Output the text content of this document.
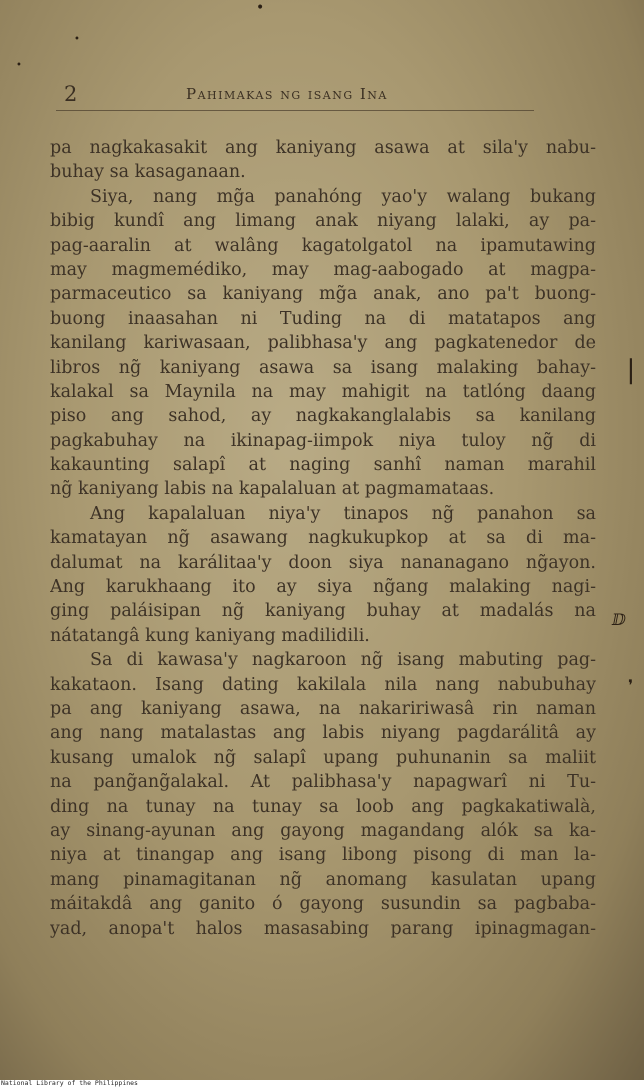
•
•
•
2	Pahimakas ng isang Ina
pa nagkakasakit ang kaniyang asawa at sila'y nabu-
buhay sa kasaganaan.
Siya, nang mg̃a panahóng yao'y walang bukang
bibig kundî ang limang anak niyang lalaki, ay pa-
pag-aaralin at walâng kagatolgatol na ipamutawing
may magmemédiko, may mag-aabogado at magpa-
parmaceutico sa kaniyang mg̃a anak, ano pa't buong-
buong inaasahan ni Tuding na di matatapos ang
kanilang kariwasaan, palibhasa'y ang pagkatenedor de
libros ng̃ kaniyang asawa sa isang malaking bahay-
kalakal sa Maynila na may mahigit na tatlóng daang
piso ang sahod, ay nagkakanglalabis sa kanilang
pagkabuhay na ikinapag-iimpok niya tuloy ng̃ di
kakaunting salapî at naging sanhî naman marahil
ng̃ kaniyang labis na kapalaluan at pagmamataas.
Ang kapalaluan niya'y tinapos ng̃ panahon sa
kamatayan ng̃ asawang nagkukupkop at sa di ma-
dalumat na karálitaa'y doon siya nananagano ng̃ayon.
Ang karukhaang ito ay siya ng̃ang malaking nagi-
ging paláisipan ng̃ kaniyang buhay at madalás na
nátatangâ kung kaniyang madilidili.
Sa di kawasa'y nagkaroon ng̃ isang mabuting pag-
kakataon. Isang dating kakilala nila nang nabubuhay
pa ang kaniyang asawa, na nakaririwasâ rin naman
ang nang matalastas ang labis niyang pagdarálitâ ay
kusang umalok ng̃ salapî upang puhunanin sa maliit
na pang̃ang̃alakal. At palibhasa'y napagwarî ni Tu-
ding na tunay na tunay sa loob ang pagkakatiwalà,
ay sinang-ayunan ang gayong magandang alók sa ka-
niya at tinangap ang isang libong pisong di man la-
mang pinamagitanan ng̃ anomang kasulatan upang
máitakdâ ang ganito ó gayong susundin sa pagbaba-
yad, anopa't halos masasabing parang ipinagmagan-
❘
ⅅ
❜
National Library of the Philippines
